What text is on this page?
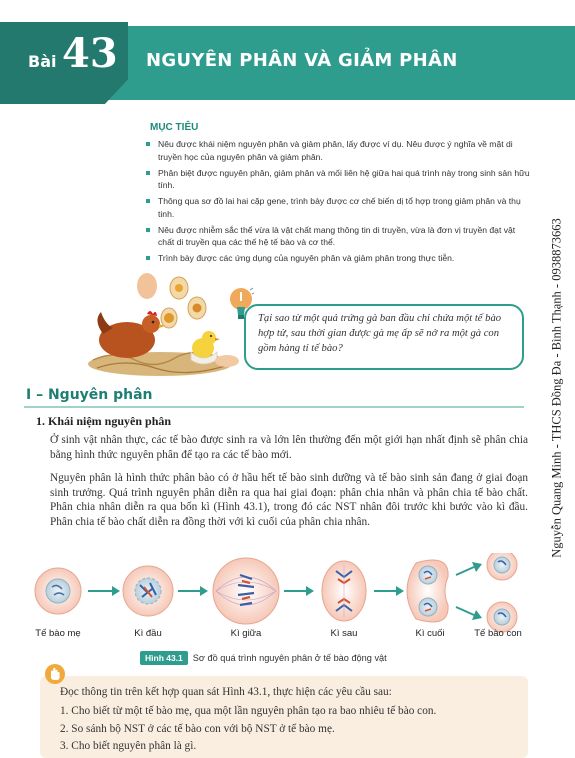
Bài 43 NGUYÊN PHÂN VÀ GIẢM PHÂN
MỤC TIÊU
Nêu được khái niệm nguyên phân và giảm phân, lấy được ví dụ. Nêu được ý nghĩa về mặt di truyền học của nguyên phân và giảm phân.
Phân biệt được nguyên phân, giảm phân và mối liên hệ giữa hai quá trình này trong sinh sản hữu tính.
Thông qua sơ đồ lai hai cặp gene, trình bày được cơ chế biến dị tổ hợp trong giảm phân và thụ tinh.
Nêu được nhiễm sắc thể vừa là vật chất mang thông tin di truyền, vừa là đơn vị truyền đạt vật chất di truyền qua các thế hệ tế bào và cơ thể.
Trình bày được các ứng dụng của nguyên phân và giảm phân trong thực tiễn.
Tại sao từ một quả trứng gà ban đầu chỉ chứa một tế bào hợp tử, sau thời gian được gà mẹ ấp sẽ nở ra một gà con gồm hàng tỉ tế bào?	Nguyễn Quang Minh - THCS Đồng Đa - Bình Thạnh - 0938873663
I – Nguyên phân
1. Khái niệm nguyên phân

Ở sinh vật nhân thực, các tế bào được sinh ra và lớn lên thường đến một giới hạn nhất định sẽ phân chia bằng hình thức nguyên phân để tạo ra các tế bào mới.

Nguyên phân là hình thức phân bào có ở hầu hết tế bào sinh dưỡng và tế bào sinh sản đang ở giai đoạn sinh trưởng. Quá trình nguyên phân diễn ra qua hai giai đoạn: phân chia nhân và phân chia tế bào chất. Phân chia nhân diễn ra qua bốn kì (Hình 43.1), trong đó các NST nhân đôi trước khi bước vào kì đầu. Phân chia tế bào chất diễn ra đồng thời với kì cuối của phân chia nhân.

Tế bào mẹ	Kì đầu	Kì giữa	Kì sau	Kì cuối	Tế bào con
Hình 43.1	Sơ đồ quá trình nguyên phân ở tế bào động vật
Đọc thông tin trên kết hợp quan sát Hình 43.1, thực hiện các yêu cầu sau:
1. Cho biết từ một tế bào mẹ, qua một lần nguyên phân tạo ra bao nhiêu tế bào con.
2. So sánh bộ NST ở các tế bào con với bộ NST ở tế bào mẹ.
3. Cho biết nguyên phân là gì.
